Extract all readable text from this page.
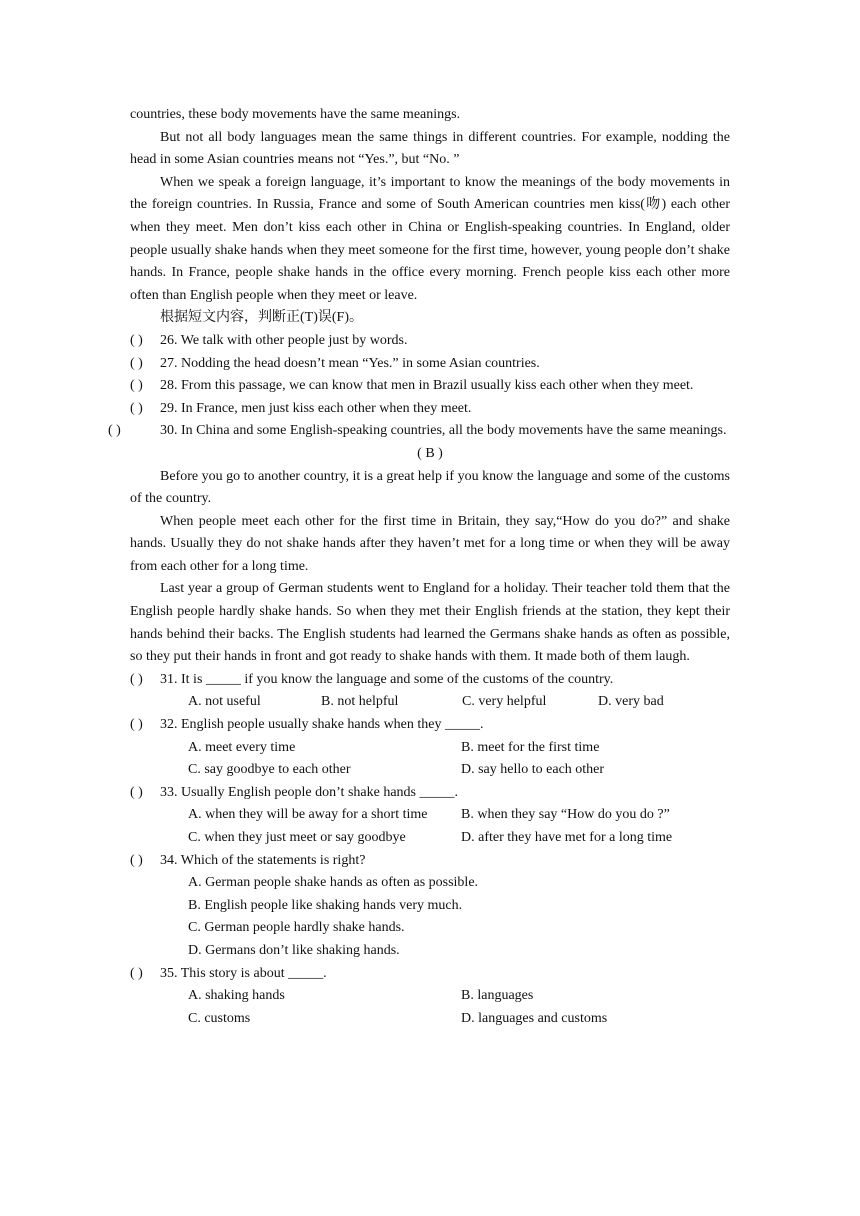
countries, these body movements have the same meanings.

But not all body languages mean the same things in different countries. For example, nodding the head in some Asian countries means not “Yes.”, but “No. ”

When we speak a foreign language, it’s important to know the meanings of the body movements in the foreign countries. In Russia, France and some of South American countries men kiss(吻) each other when they meet. Men don’t kiss each other in China or English-speaking countries. In England, older people usually shake hands when they meet someone for the first time, however, young people don’t shake hands. In France, people shake hands in the office every morning. French people kiss each other more often than English people when they meet or leave.

根据短文内容，判断正(T)误(F)。

( ) 26. We talk with other people just by words.

( ) 27. Nodding the head doesn’t mean “Yes.” in some Asian countries.

( ) 28. From this passage, we can know that men in Brazil usually kiss each other when they meet.

( ) 29. In France, men just kiss each other when they meet.

( )	30. In China and some English-speaking countries, all the body movements have the same meanings.

( B )

Before you go to another country, it is a great help if you know the language and some of the customs of the country.

When people meet each other for the first time in Britain, they say,“How do you do?” and shake hands. Usually they do not shake hands after they haven’t met for a long time or when they will be away from each other for a long time.

Last year a group of German students went to England for a holiday. Their teacher told them that the English people hardly shake hands. So when they met their English friends at the station, they kept their hands behind their backs. The English students had learned the Germans shake hands as often as possible, so they put their hands in front and got ready to shake hands with them. It made both of them laugh.

( ) 31. It is _____ if you know the language and some of the customs of the country.

A. not useful	B. not helpful	C. very helpful	D. very bad

( ) 32. English people usually shake hands when they _____.

A. meet every time	B. meet for the first time
C. say goodbye to each other	D. say hello to each other

( ) 33. Usually English people don’t shake hands _____.

A. when they will be away for a short time	B. when they say “How do you do ?”
C. when they just meet or say goodbye	D. after they have met for a long time

( ) 34. Which of the statements is right?

A. German people shake hands as often as possible.

B. English people like shaking hands very much.

C. German people hardly shake hands.

D. Germans don’t like shaking hands.

( ) 35. This story is about _____.

A. shaking hands	B. languages
C. customs	D. languages and customs
